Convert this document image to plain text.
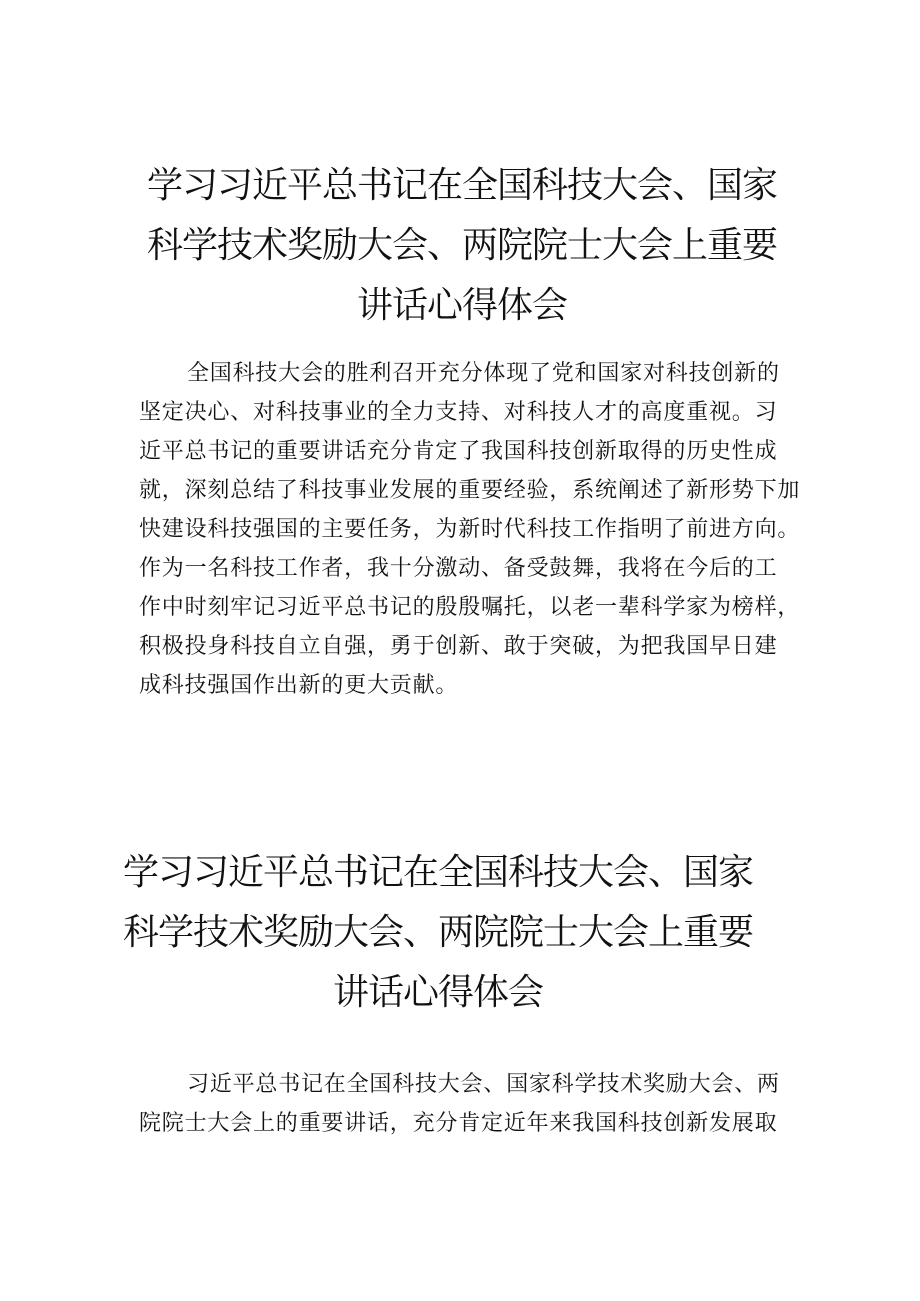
学习习近平总书记在全国科技大会、国家
科学技术奖励大会、两院院士大会上重要
讲话心得体会

全国科技大会的胜利召开充分体现了党和国家对科技创新的
坚定决心、对科技事业的全力支持、对科技人才的高度重视。习
近平总书记的重要讲话充分肯定了我国科技创新取得的历史性成
就，深刻总结了科技事业发展的重要经验，系统阐述了新形势下加
快建设科技强国的主要任务，为新时代科技工作指明了前进方向。
作为一名科技工作者，我十分激动、备受鼓舞，我将在今后的工
作中时刻牢记习近平总书记的殷殷嘱托，以老一辈科学家为榜样，
积极投身科技自立自强，勇于创新、敢于突破，为把我国早日建
成科技强国作出新的更大贡献。

学习习近平总书记在全国科技大会、国家
科学技术奖励大会、两院院士大会上重要
讲话心得体会

习近平总书记在全国科技大会、国家科学技术奖励大会、两
院院士大会上的重要讲话，充分肯定近年来我国科技创新发展取
